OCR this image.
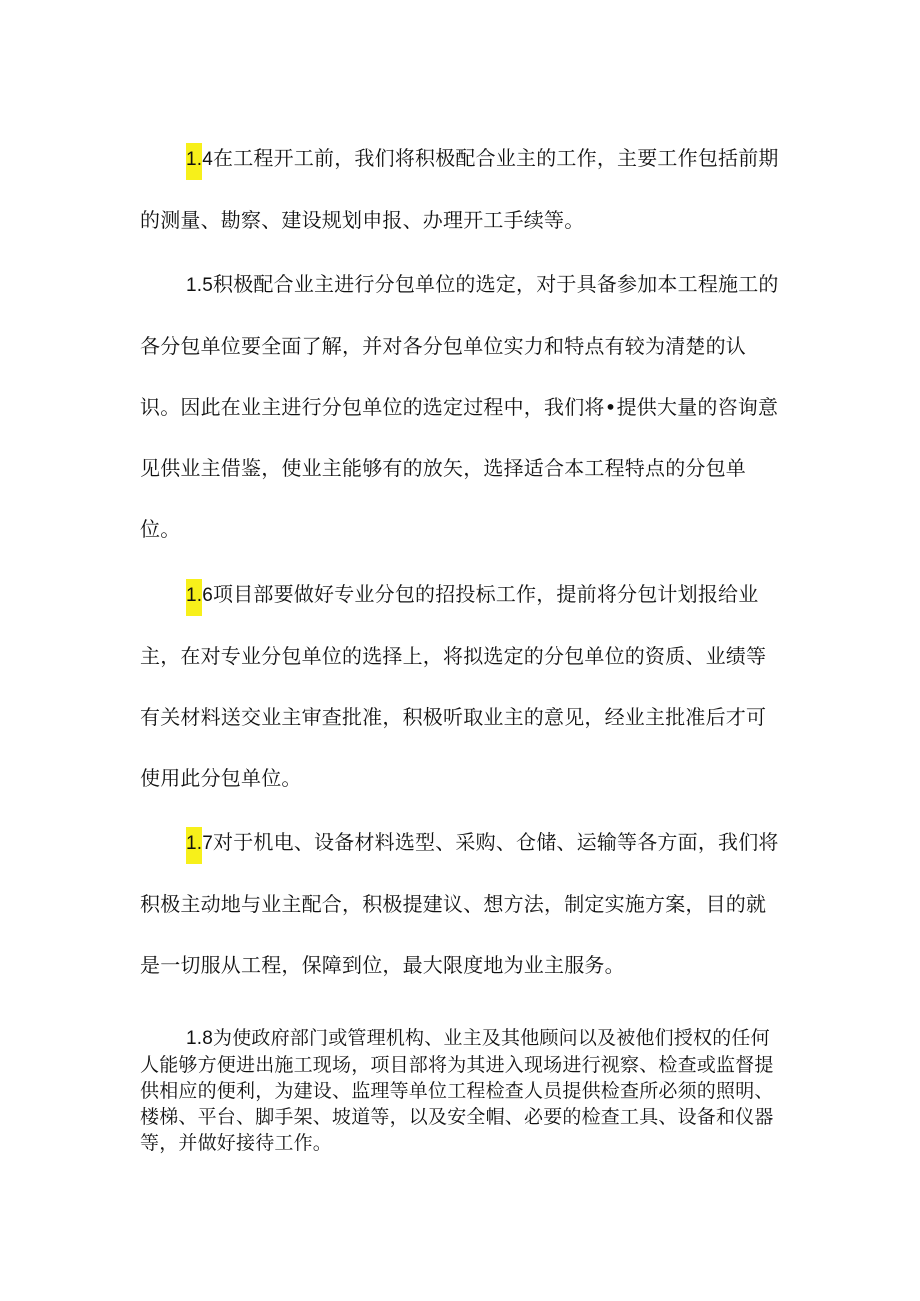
1.4在工程开工前，我们将积极配合业主的工作，主要工作包括前期的测量、勘察、建设规划申报、办理开工手续等。

1.5积极配合业主进行分包单位的选定，对于具备参加本工程施工的各分包单位要全面了解，并对各分包单位实力和特点有较为清楚的认识。因此在业主进行分包单位的选定过程中，我们将•提供大量的咨询意见供业主借鉴，使业主能够有的放矢，选择适合本工程特点的分包单位。

1.6项目部要做好专业分包的招投标工作，提前将分包计划报给业主，在对专业分包单位的选择上，将拟选定的分包单位的资质、业绩等有关材料送交业主审查批准，积极听取业主的意见，经业主批准后才可使用此分包单位。

1.7对于机电、设备材料选型、采购、仓储、运输等各方面，我们将积极主动地与业主配合，积极提建议、想方法，制定实施方案，目的就是一切服从工程，保障到位，最大限度地为业主服务。

1.8为使政府部门或管理机构、业主及其他顾问以及被他们授权的任何人能够方便进出施工现场，项目部将为其进入现场进行视察、检查或监督提供相应的便利，为建设、监理等单位工程检查人员提供检查所必须的照明、楼梯、平台、脚手架、坡道等，以及安全帽、必要的检查工具、设备和仪器等，并做好接待工作。
